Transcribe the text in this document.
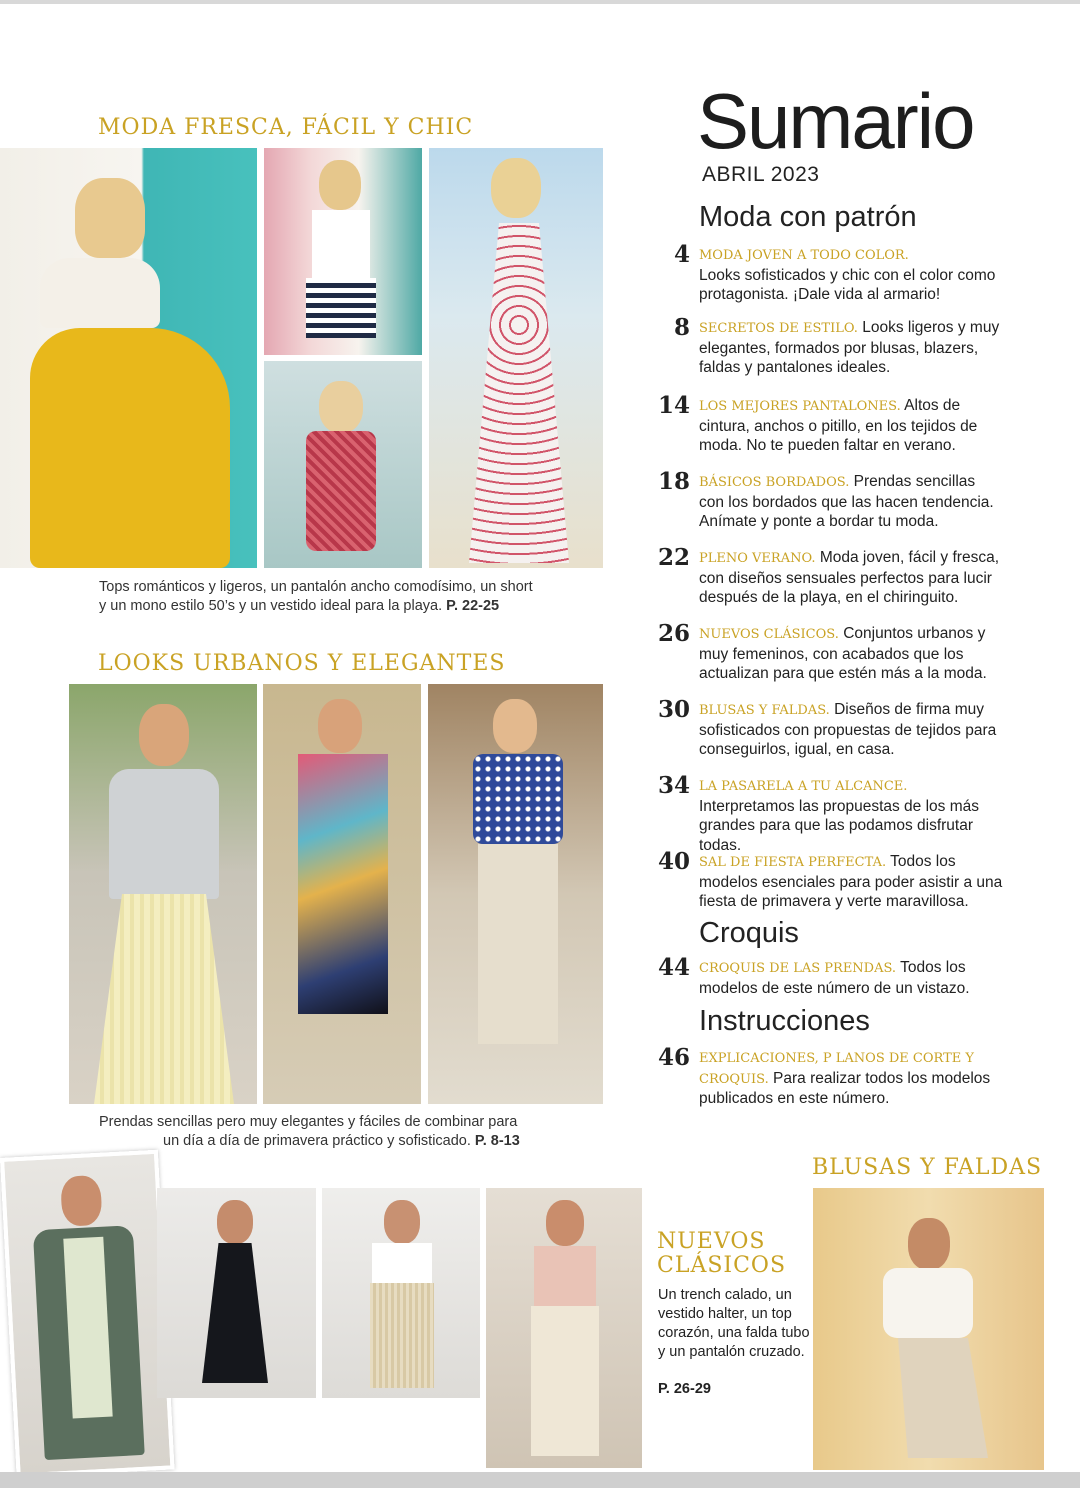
MODA FRESCA, FÁCIL Y CHIC

Tops románticos y ligeros, un pantalón ancho comodísimo, un short
y un mono estilo 50’s y un vestido ideal para la playa. P. 22-25

LOOKS URBANOS Y ELEGANTES

Prendas sencillas pero muy elegantes y fáciles de combinar para
un día a día de primavera práctico y sofisticado. P. 8-13

NUEVOS CLÁSICOS
Un trench calado, un vestido halter, un top corazón, una falda tubo y un pantalón cruzado.
P. 26-29
BLUSAS Y FALDAS
Sumario
ABRIL 2023
Moda con patrón
4 MODA JOVEN A TODO COLOR.
Looks sofisticados y chic con el color como protagonista. ¡Dale vida al armario!
8 SECRETOS DE ESTILO. Looks ligeros y muy elegantes, formados por blusas, blazers, faldas y pantalones ideales.
14 LOS MEJORES PANTALONES. Altos de cintura, anchos o pitillo, en los tejidos de moda. No te pueden faltar en verano.
18 BÁSICOS BORDADOS. Prendas sencillas con los bordados que las hacen tendencia. Anímate y ponte a bordar tu moda.
22 PLENO VERANO. Moda joven, fácil y fresca, con diseños sensuales perfectos para lucir después de la playa, en el chiringuito.
26 NUEVOS CLÁSICOS. Conjuntos urbanos y muy femeninos, con acabados que los actualizan para que estén más a la moda.
30 BLUSAS Y FALDAS. Diseños de firma muy sofisticados con propuestas de tejidos para conseguirlos, igual, en casa.
34 LA PASARELA A TU ALCANCE. Interpretamos las propuestas de los más grandes para que las podamos disfrutar todas.
40 SAL DE FIESTA PERFECTA. Todos los modelos esenciales para poder asistir a una fiesta de primavera y verte maravillosa.
Croquis
44 CROQUIS DE LAS PRENDAS. Todos los modelos de este número de un vistazo.
Instrucciones
46 EXPLICACIONES, P LANOS DE CORTE Y CROQUIS. Para realizar todos los modelos publicados en este número.
